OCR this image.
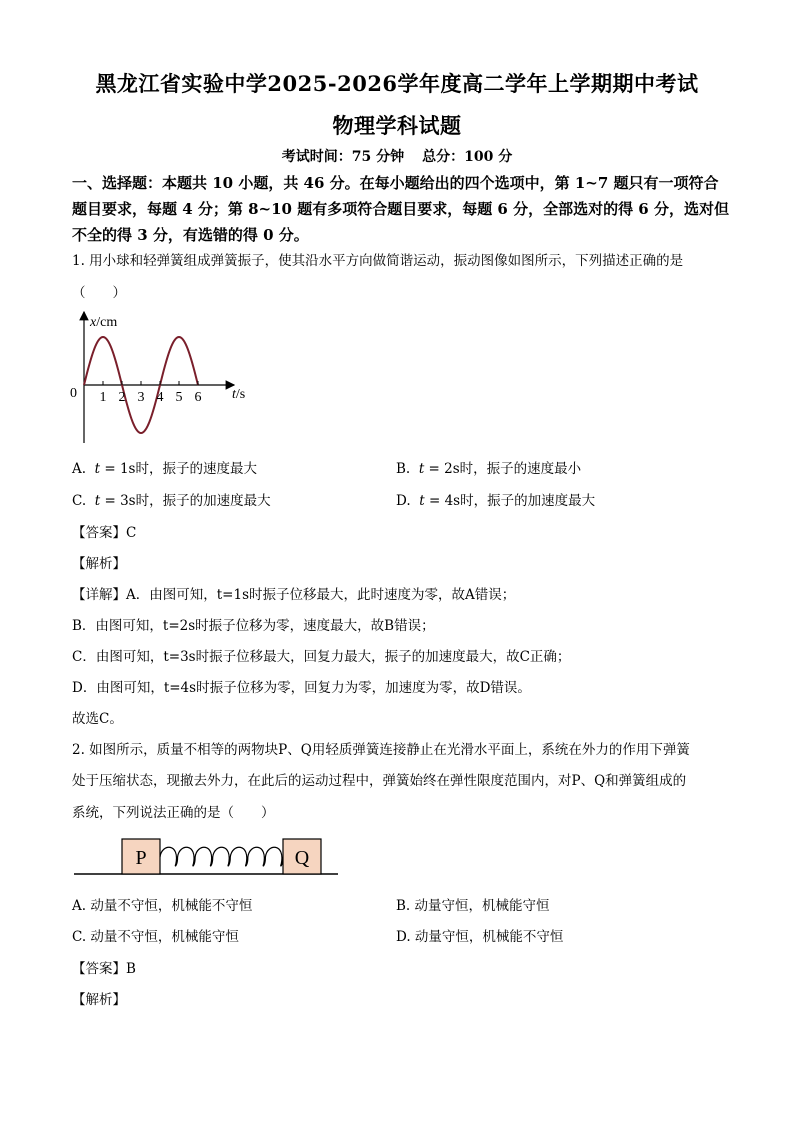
黑龙江省实验中学2025-2026学年度高二学年上学期期中考试
物理学科试题
考试时间：75 分钟 总分：100 分
一、选择题：本题共 10 小题，共 46 分。在每小题给出的四个选项中，第 1~7 题只有一项符合题目要求，每题 4 分；第 8~10 题有多项符合题目要求，每题 6 分，全部选对的得 6 分，选对但不全的得 3 分，有选错的得 0 分。
1. 用小球和轻弹簧组成弹簧振子，使其沿水平方向做简谐运动，振动图像如图所示，下列描述正确的是
（　　）
x/cm
t/s
0 1 2 3 4 5 6
A. t = 1s时，振子的速度最大	B. t = 2s时，振子的速度最小
C. t = 3s时，振子的加速度最大	D. t = 4s时，振子的加速度最大
【答案】C
【解析】
【详解】A．由图可知，t=1s时振子位移最大，此时速度为零，故A错误；
B．由图可知，t=2s时振子位移为零，速度最大，故B错误；
C．由图可知，t=3s时振子位移最大，回复力最大，振子的加速度最大，故C正确；
D．由图可知，t=4s时振子位移为零，回复力为零，加速度为零，故D错误。
故选C。
2. 如图所示，质量不相等的两物块P、Q用轻质弹簧连接静止在光滑水平面上，系统在外力的作用下弹簧
处于压缩状态，现撤去外力，在此后的运动过程中，弹簧始终在弹性限度范围内，对P、Q和弹簧组成的
系统，下列说法正确的是（　　）
P	Q
A. 动量不守恒，机械能不守恒	B. 动量守恒，机械能守恒
C. 动量不守恒，机械能守恒	D. 动量守恒，机械能不守恒
【答案】B
【解析】
